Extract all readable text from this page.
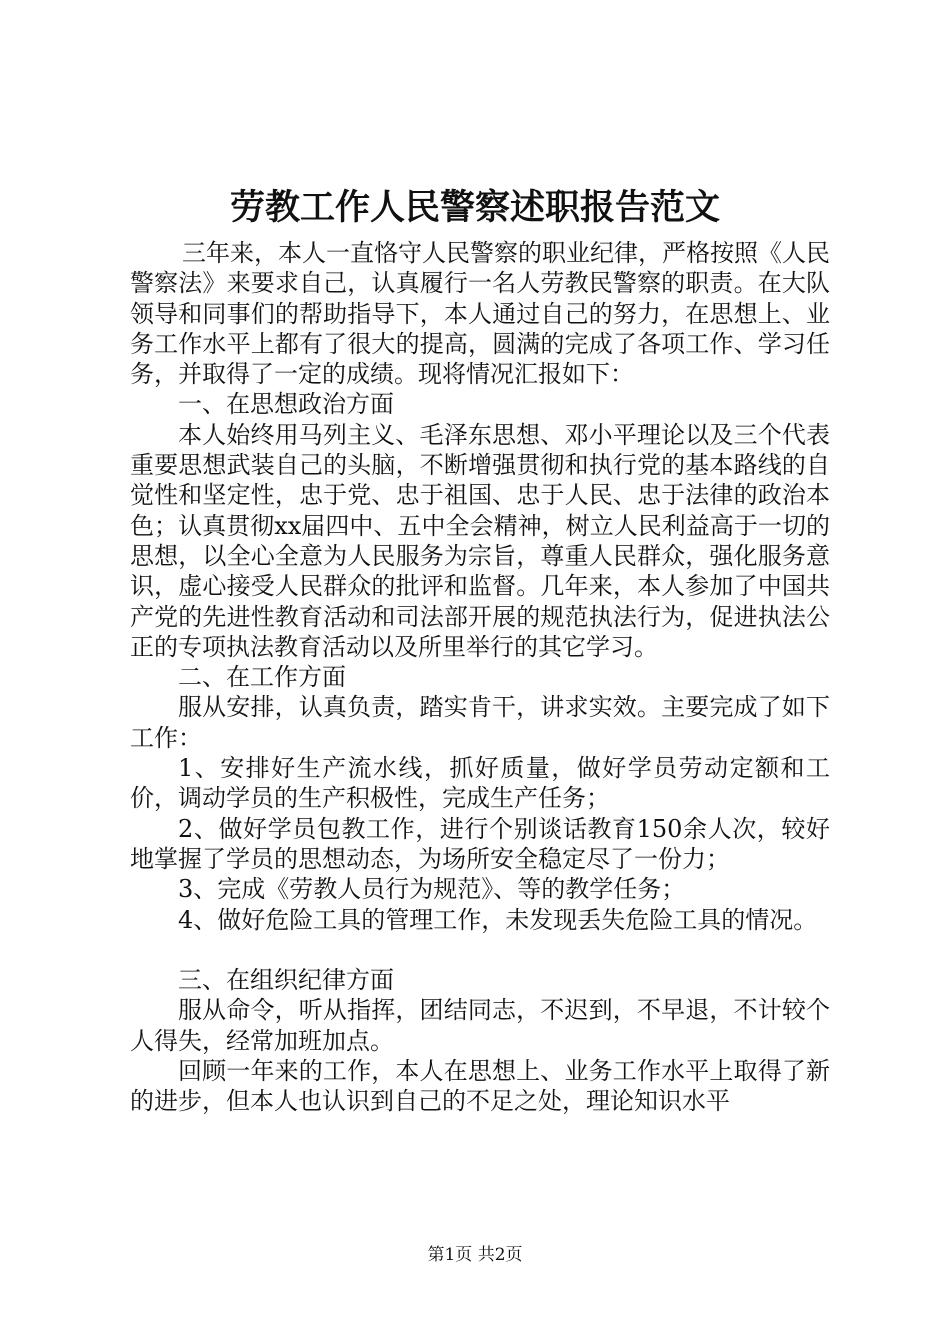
劳教工作人民警察述职报告范文

三年来，本人一直恪守人民警察的职业纪律，严格按照《人民警察法》来要求自己，认真履行一名人劳教民警察的职责。在大队领导和同事们的帮助指导下，本人通过自己的努力，在思想上、业务工作水平上都有了很大的提高，圆满的完成了各项工作、学习任务，并取得了一定的成绩。现将情况汇报如下：

一、在思想政治方面

本人始终用马列主义、毛泽东思想、邓小平理论以及三个代表重要思想武装自己的头脑，不断增强贯彻和执行党的基本路线的自觉性和坚定性，忠于党、忠于祖国、忠于人民、忠于法律的政治本色；认真贯彻xx届四中、五中全会精神，树立人民利益高于一切的思想，以全心全意为人民服务为宗旨，尊重人民群众，强化服务意识，虚心接受人民群众的批评和监督。几年来，本人参加了中国共产党的先进性教育活动和司法部开展的规范执法行为，促进执法公正的专项执法教育活动以及所里举行的其它学习。

二、在工作方面

服从安排，认真负责，踏实肯干，讲求实效。主要完成了如下工作：

1、安排好生产流水线，抓好质量，做好学员劳动定额和工价，调动学员的生产积极性，完成生产任务；

2、做好学员包教工作，进行个别谈话教育150余人次，较好地掌握了学员的思想动态，为场所安全稳定尽了一份力；

3、完成《劳教人员行为规范》、等的教学任务；

4、做好危险工具的管理工作，未发现丢失危险工具的情况。

三、在组织纪律方面

服从命令，听从指挥，团结同志，不迟到，不早退，不计较个人得失，经常加班加点。

回顾一年来的工作，本人在思想上、业务工作水平上取得了新的进步，但本人也认识到自己的不足之处，理论知识水平

第1页 共2页
